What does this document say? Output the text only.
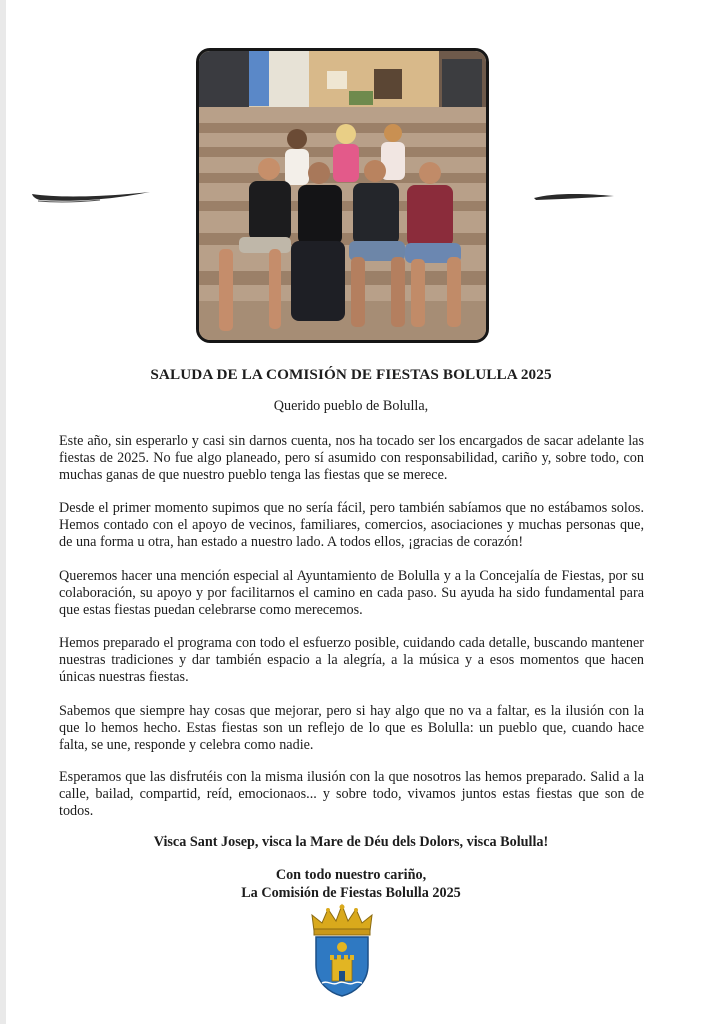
SALUDA DE LA COMISIÓN DE FIESTAS BOLULLA 2025

Querido pueblo de Bolulla,

Este año, sin esperarlo y casi sin darnos cuenta, nos ha tocado ser los encargados de sacar adelante las fiestas de 2025. No fue algo planeado, pero sí asumido con responsabilidad, cariño y, sobre todo, con muchas ganas de que nuestro pueblo tenga las fiestas que se merece.

Desde el primer momento supimos que no sería fácil, pero también sabíamos que no estábamos solos. Hemos contado con el apoyo de vecinos, familiares, comercios, asociaciones y muchas personas que, de una forma u otra, han estado a nuestro lado. A todos ellos, ¡gracias de corazón!

Queremos hacer una mención especial al Ayuntamiento de Bolulla y a la Concejalía de Fiestas, por su colaboración, su apoyo y por facilitarnos el camino en cada paso. Su ayuda ha sido fundamental para que estas fiestas puedan celebrarse como merecemos.

Hemos preparado el programa con todo el esfuerzo posible, cuidando cada detalle, buscando mantener nuestras tradiciones y dar también espacio a la alegría, a la música y a esos momentos que hacen únicas nuestras fiestas.

Sabemos que siempre hay cosas que mejorar, pero si hay algo que no va a faltar, es la ilusión con la que lo hemos hecho. Estas fiestas son un reflejo de lo que es Bolulla: un pueblo que, cuando hace falta, se une, responde y celebra como nadie.

Esperamos que las disfrutéis con la misma ilusión con la que nosotros las hemos preparado. Salid a la calle, bailad, compartid, reíd, emocionaos... y sobre todo, vivamos juntos estas fiestas que son de todos.

Visca Sant Josep, visca la Mare de Déu dels Dolors, visca Bolulla!

Con todo nuestro cariño,
La Comisión de Fiestas Bolulla 2025
